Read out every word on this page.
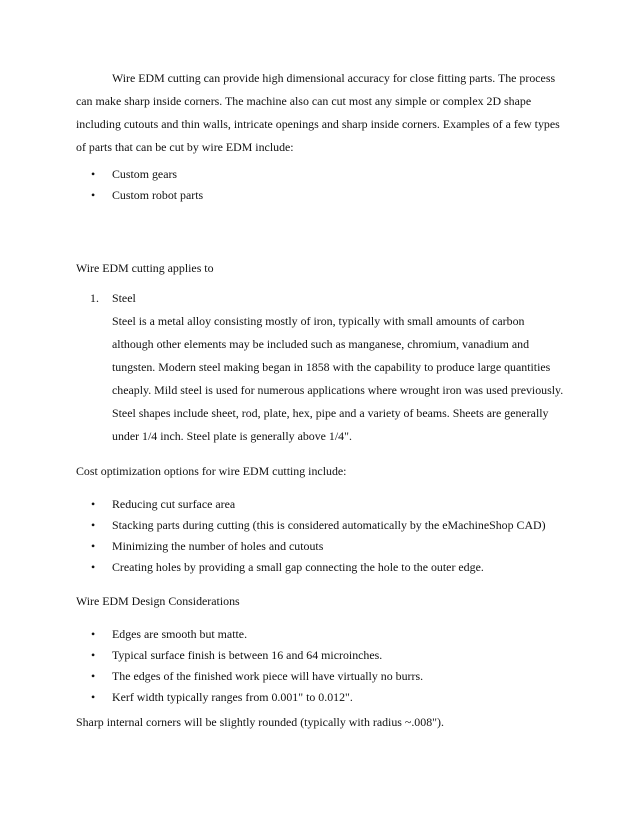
Wire EDM cutting can provide high dimensional accuracy for close fitting parts. The process can make sharp inside corners. The machine also can cut most any simple or complex 2D shape including cutouts and thin walls, intricate openings and sharp inside corners. Examples of a few types of parts that can be cut by wire EDM include:

• Custom gears
• Custom robot parts

Wire EDM cutting applies to

1. Steel

Steel is a metal alloy consisting mostly of iron, typically with small amounts of carbon although other elements may be included such as manganese, chromium, vanadium and tungsten. Modern steel making began in 1858 with the capability to produce large quantities cheaply. Mild steel is used for numerous applications where wrought iron was used previously. Steel shapes include sheet, rod, plate, hex, pipe and a variety of beams. Sheets are generally under 1/4 inch. Steel plate is generally above 1/4".

Cost optimization options for wire EDM cutting include:

• Reducing cut surface area
• Stacking parts during cutting (this is considered automatically by the eMachineShop CAD)
• Minimizing the number of holes and cutouts
• Creating holes by providing a small gap connecting the hole to the outer edge.

Wire EDM Design Considerations

• Edges are smooth but matte.
• Typical surface finish is between 16 and 64 microinches.
• The edges of the finished work piece will have virtually no burrs.
• Kerf width typically ranges from 0.001" to 0.012".

Sharp internal corners will be slightly rounded (typically with radius ~.008").
